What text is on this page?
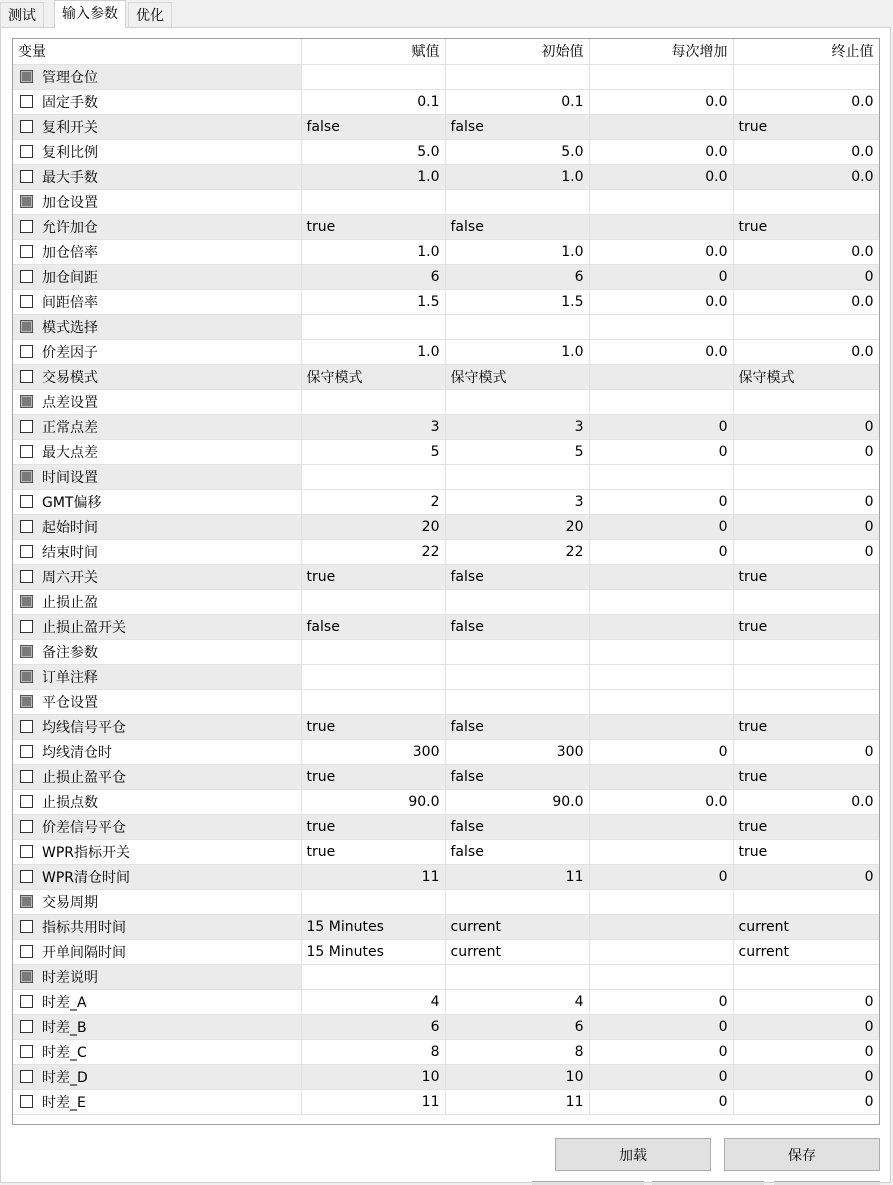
测试	输入参数	优化
变量	赋值	初始值	每次增加	终止值

管理仓位				

固定手数	0.1	0.1	0.0	0.0

复利开关	false	false		true

复利比例	5.0	5.0	0.0	0.0

最大手数	1.0	1.0	0.0	0.0

加仓设置				

允许加仓	true	false		true

加仓倍率	1.0	1.0	0.0	0.0

加仓间距	6	6	0	0

间距倍率	1.5	1.5	0.0	0.0

模式选择				

价差因子	1.0	1.0	0.0	0.0

交易模式	保守模式	保守模式		保守模式

点差设置				

正常点差	3	3	0	0

最大点差	5	5	0	0

时间设置				

GMT偏移	2	3	0	0

起始时间	20	20	0	0

结束时间	22	22	0	0

周六开关	true	false		true

止损止盈				

止损止盈开关	false	false		true

备注参数				

订单注释				

平仓设置				

均线信号平仓	true	false		true

均线清仓时	300	300	0	0

止损止盈平仓	true	false		true

止损点数	90.0	90.0	0.0	0.0

价差信号平仓	true	false		true

WPR指标开关	true	false		true

WPR清仓时间	11	11	0	0

交易周期				

指标共用时间	15 Minutes	current		current

开单间隔时间	15 Minutes	current		current

时差说明				

时差_A	4	4	0	0

时差_B	6	6	0	0

时差_C	8	8	0	0

时差_D	10	10	0	0

时差_E	11	11	0	0
加载	保存
